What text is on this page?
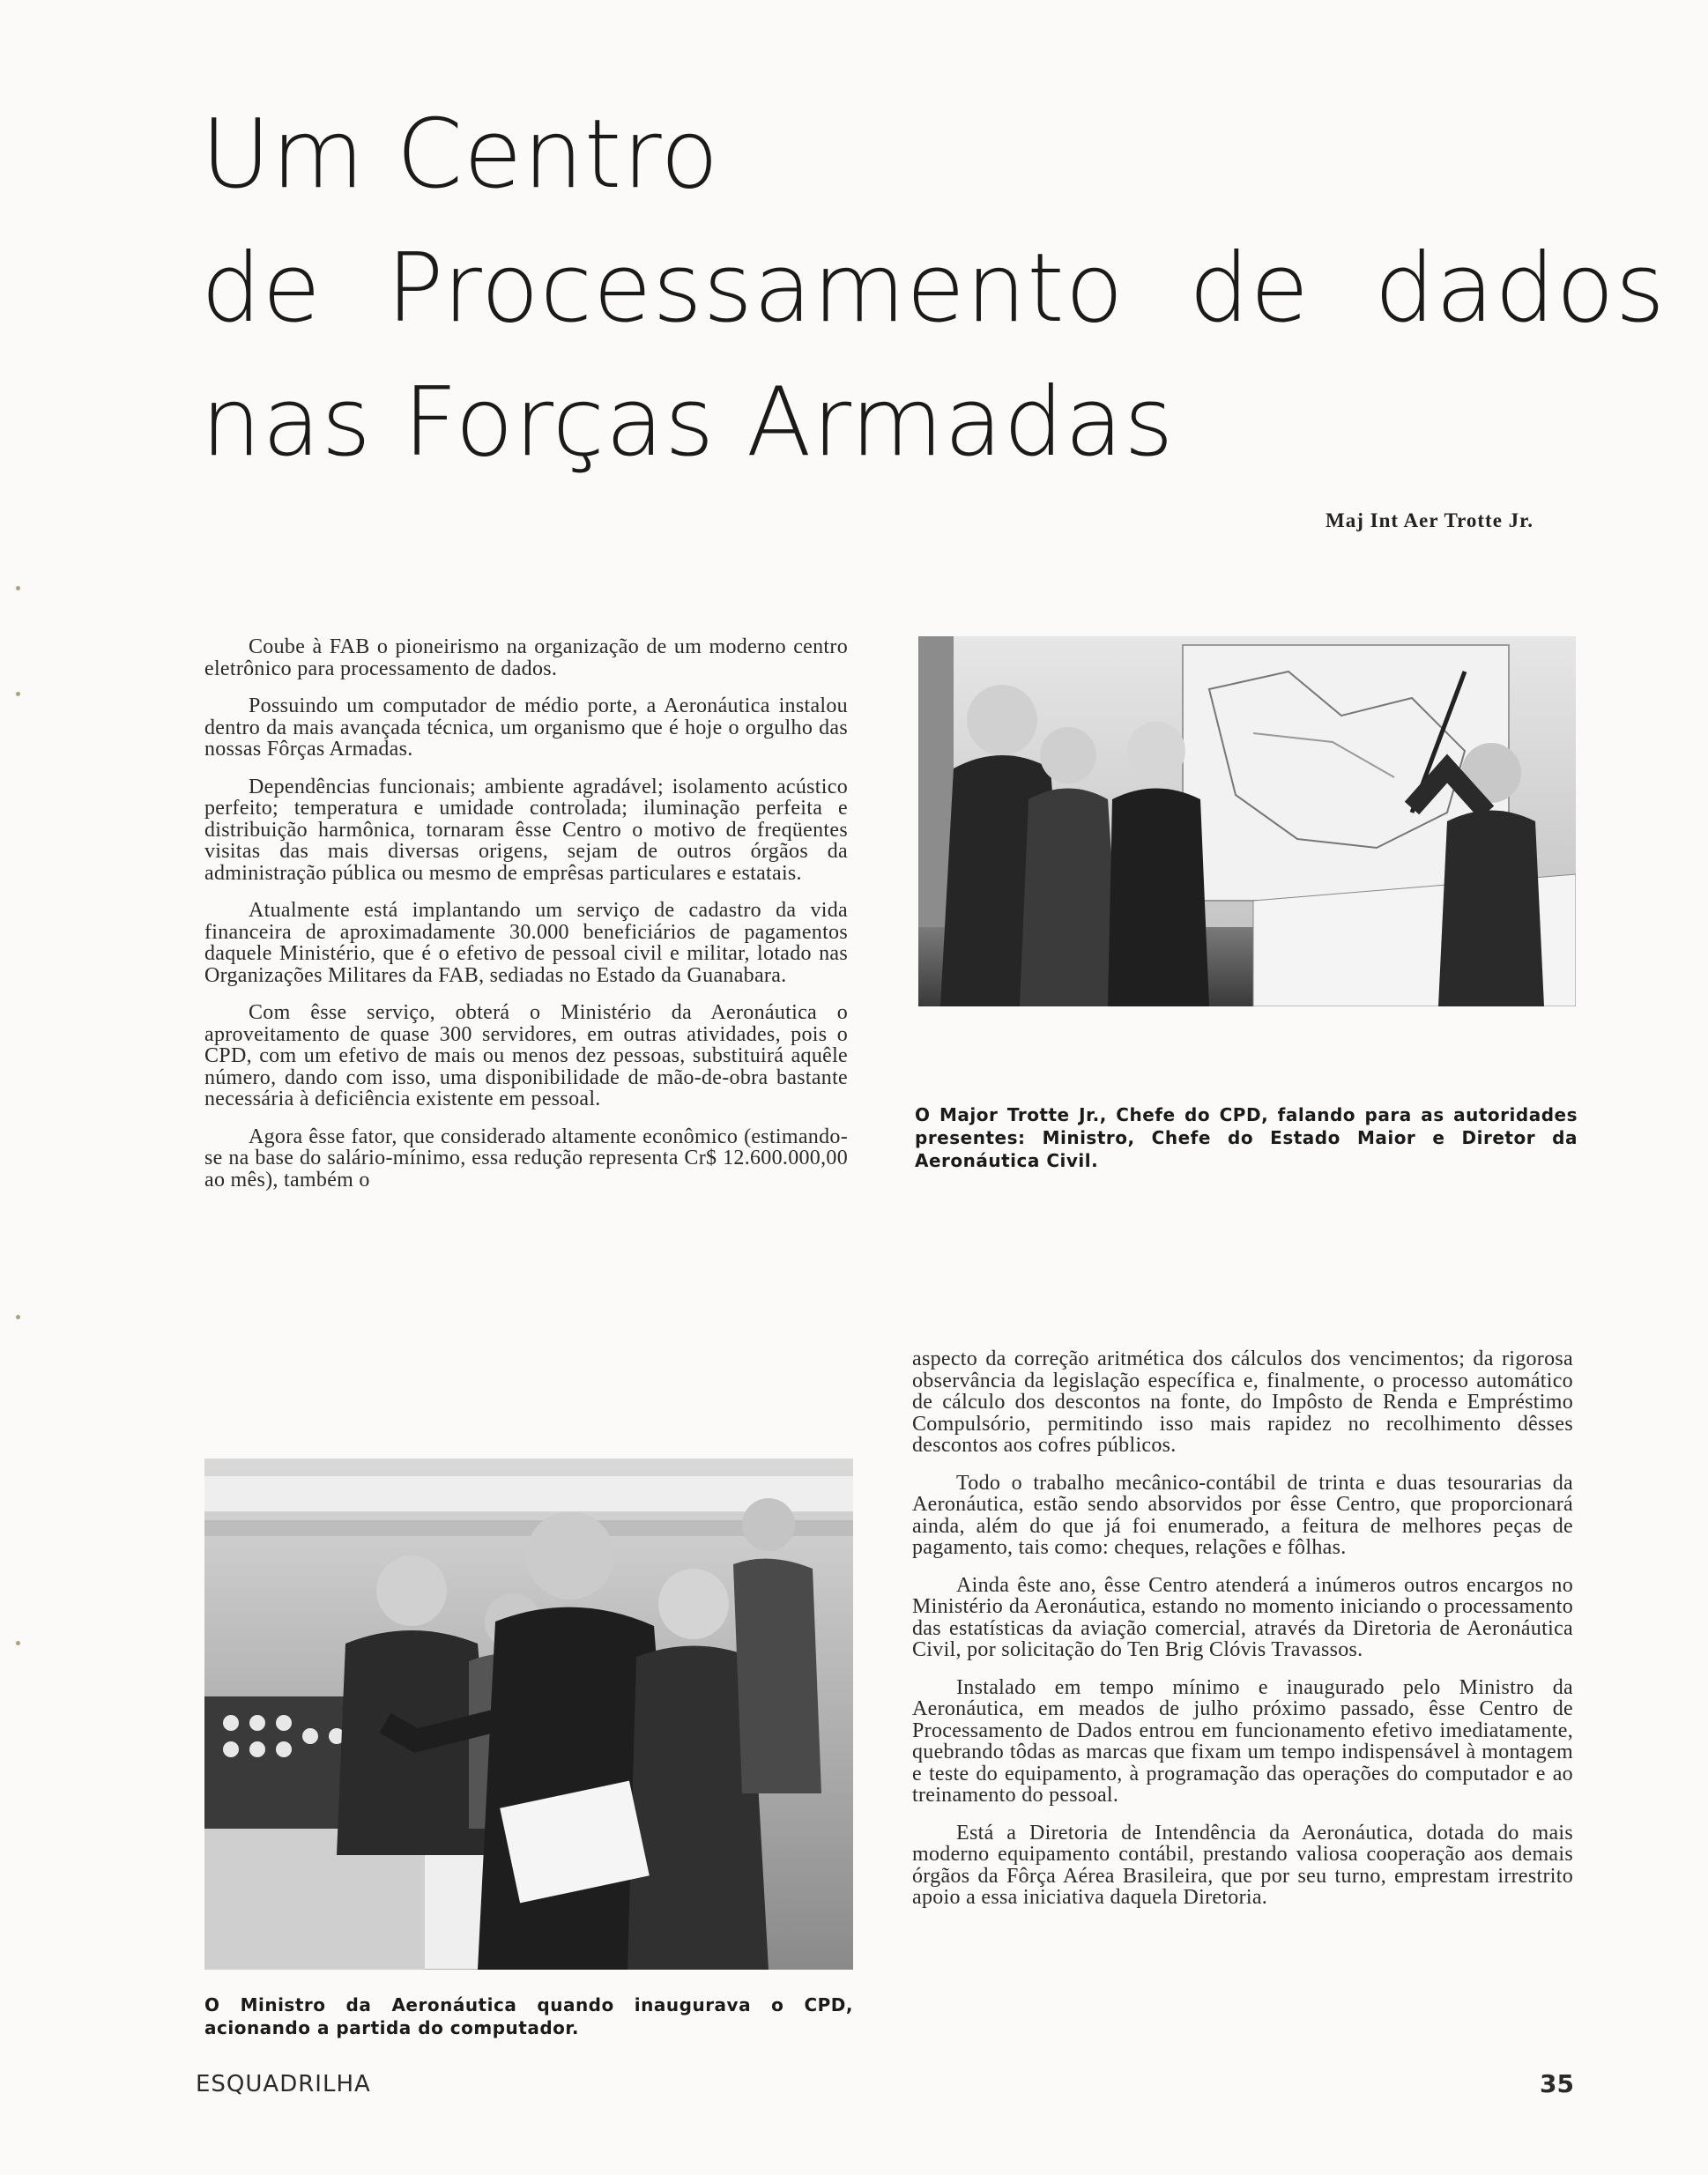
Um Centro
de Processamento de dados
nas Forças Armadas
Maj Int Aer Trotte Jr.

Coube à FAB o pioneirismo na organização de um moderno centro eletrônico para processamento de dados.

Possuindo um computador de médio porte, a Aeronáutica instalou dentro da mais avançada técnica, um organismo que é hoje o orgulho das nossas Fôrças Armadas.

Dependências funcionais; ambiente agradável; isolamento acústico perfeito; temperatura e umidade controlada; iluminação perfeita e distribuição harmônica, tornaram êsse Centro o motivo de freqüentes visitas das mais diversas origens, sejam de outros órgãos da administração pública ou mesmo de emprêsas particulares e estatais.

Atualmente está implantando um serviço de cadastro da vida financeira de aproximadamente 30.000 beneficiários de pagamentos daquele Ministério, que é o efetivo de pessoal civil e militar, lotado nas Organizações Militares da FAB, sediadas no Estado da Guanabara.

Com êsse serviço, obterá o Ministério da Aeronáutica o aproveitamento de quase 300 servidores, em outras atividades, pois o CPD, com um efetivo de mais ou menos dez pessoas, substituirá aquêle número, dando com isso, uma disponibilidade de mão-de-obra bastante necessária à deficiência existente em pessoal.

Agora êsse fator, que considerado altamente econômico (estimando-se na base do salário-mínimo, essa redução representa Cr$ 12.600.000,00 ao mês), também o

O Major Trotte Jr., Chefe do CPD, falando para as autoridades presentes: Ministro, Chefe do Estado Maior e Diretor da Aeronáutica Civil.

aspecto da correção aritmética dos cálculos dos vencimentos; da rigorosa observância da legislação específica e, finalmente, o processo automático de cálculo dos descontos na fonte, do Impôsto de Renda e Empréstimo Compulsório, permitindo isso mais rapidez no recolhimento dêsses descontos aos cofres públicos.

Todo o trabalho mecânico-contábil de trinta e duas tesourarias da Aeronáutica, estão sendo absorvidos por êsse Centro, que proporcionará ainda, além do que já foi enumerado, a feitura de melhores peças de pagamento, tais como: cheques, relações e fôlhas.

Ainda êste ano, êsse Centro atenderá a inúmeros outros encargos no Ministério da Aeronáutica, estando no momento iniciando o processamento das estatísticas da aviação comercial, através da Diretoria de Aeronáutica Civil, por solicitação do Ten Brig Clóvis Travassos.

Instalado em tempo mínimo e inaugurado pelo Ministro da Aeronáutica, em meados de julho próximo passado, êsse Centro de Processamento de Dados entrou em funcionamento efetivo imediatamente, quebrando tôdas as marcas que fixam um tempo indispensável à montagem e teste do equipamento, à programação das operações do computador e ao treinamento do pessoal.

Está a Diretoria de Intendência da Aeronáutica, dotada do mais moderno equipamento contábil, prestando valiosa cooperação aos demais órgãos da Fôrça Aérea Brasileira, que por seu turno, emprestam irrestrito apoio a essa iniciativa daquela Diretoria.

O Ministro da Aeronáutica quando inaugurava o CPD, acionando a partida do computador.
ESQUADRILHA	35
